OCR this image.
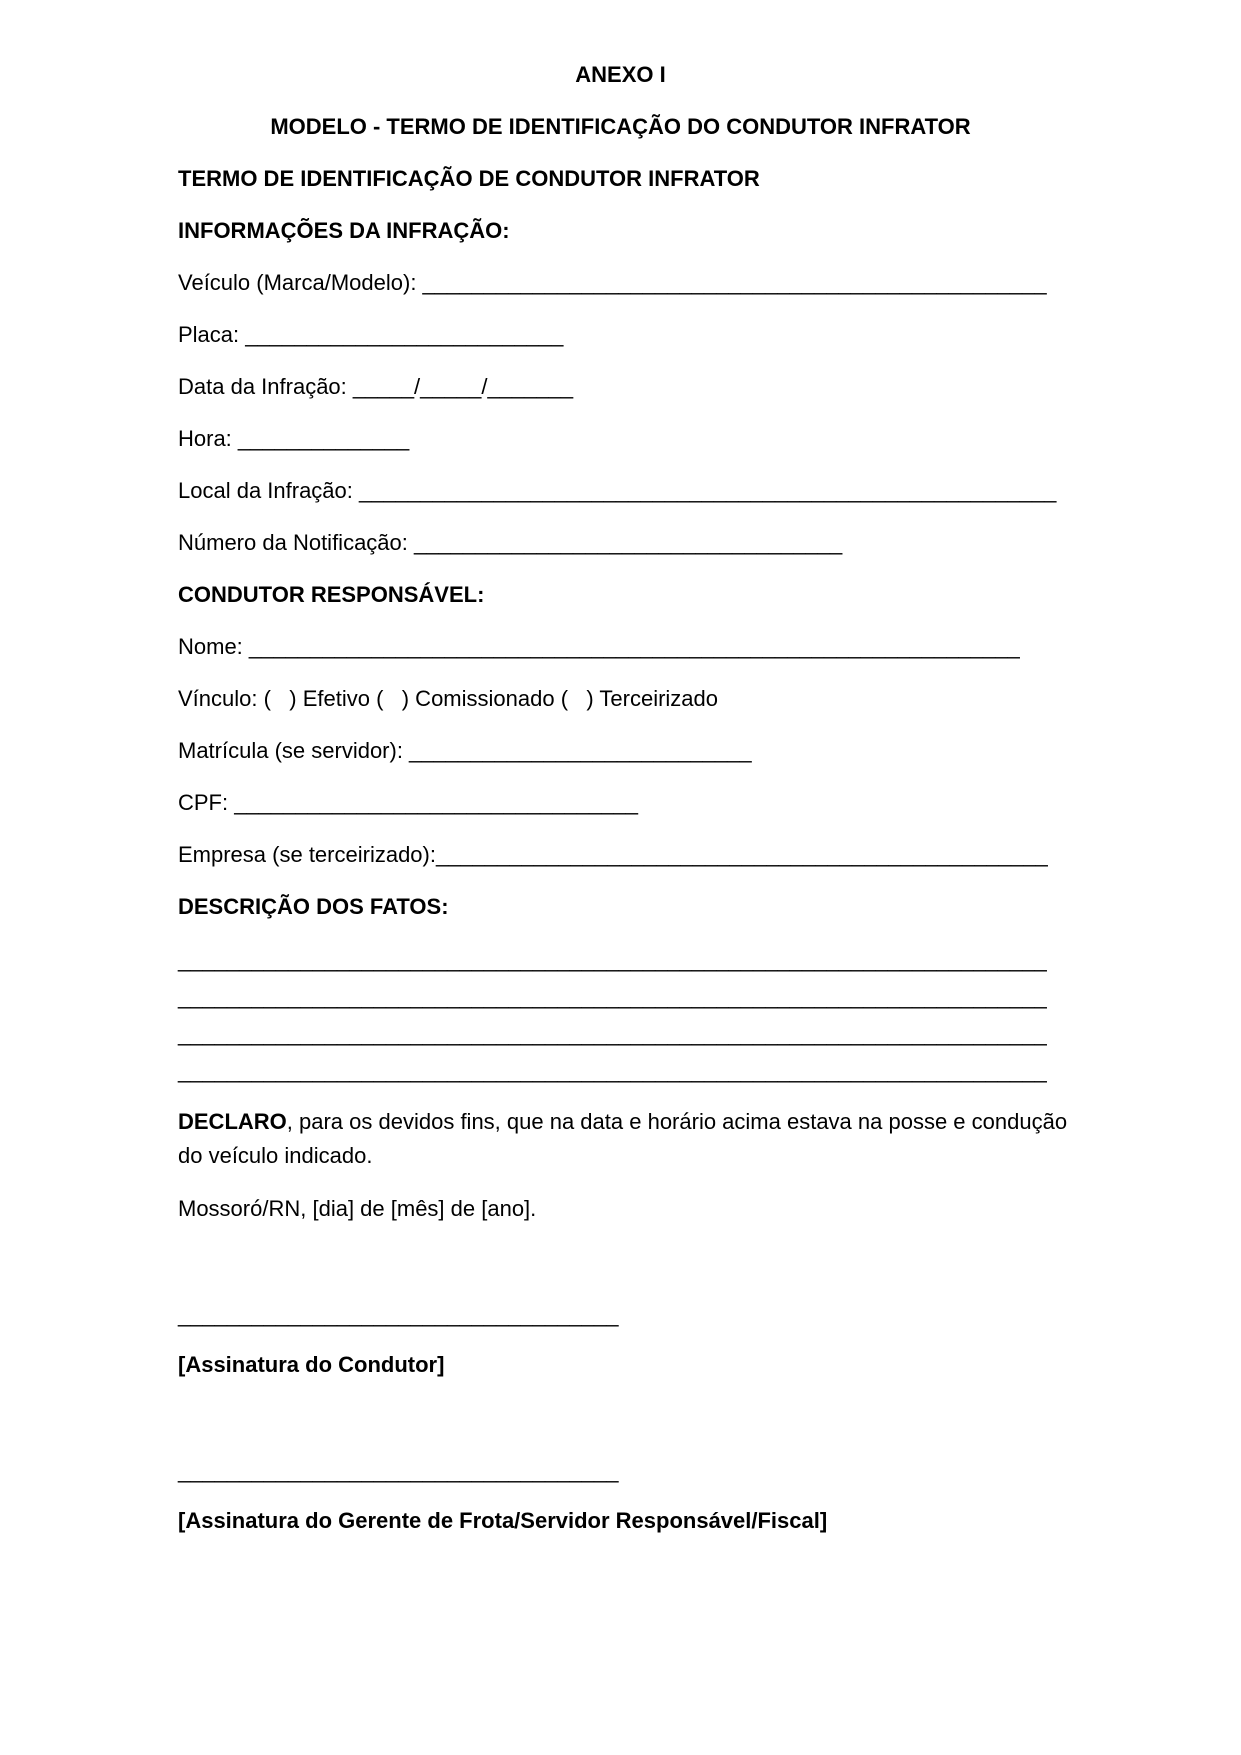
ANEXO I
MODELO - TERMO DE IDENTIFICAÇÃO DO CONDUTOR INFRATOR
TERMO DE IDENTIFICAÇÃO DE CONDUTOR INFRATOR
INFORMAÇÕES DA INFRAÇÃO:
Veículo (Marca/Modelo): ___________________________________________________
Placa: __________________________
Data da Infração: _____/_____/_______
Hora: ______________
Local da Infração: _________________________________________________________
Número da Notificação: ___________________________________
CONDUTOR RESPONSÁVEL:
Nome: _______________________________________________________________
Vínculo: (   ) Efetivo (   ) Comissionado (   ) Terceirizado
Matrícula (se servidor): ____________________________
CPF: _________________________________
Empresa (se terceirizado):__________________________________________________
DESCRIÇÃO DOS FATOS:
_______________________________________________________________________
_______________________________________________________________________
_______________________________________________________________________
_______________________________________________________________________
DECLARO, para os devidos fins, que na data e horário acima estava na posse e condução do veículo indicado.
Mossoró/RN, [dia] de [mês] de [ano].
____________________________________
[Assinatura do Condutor]
____________________________________
[Assinatura do Gerente de Frota/Servidor Responsável/Fiscal]
